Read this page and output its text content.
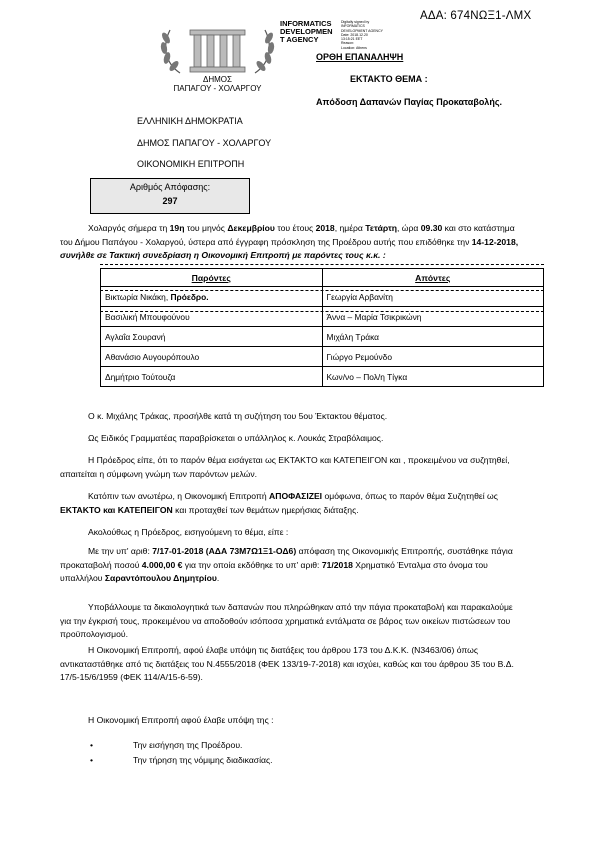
ΑΔΑ: 674ΝΩΞ1-ΛΜΧ
ΔΗΜΟΣ
ΠΑΠΑΓΟΥ - ΧΟΛΑΡΓΟΥ
INFORMATICS
DEVELOPMEN
T AGENCY
Digitally signed by
INFORMATICS
DEVELOPMENT AGENCY
Date: 2018.12.20
13:15:21 EET
Reason:
Location: Athens
ΟΡΘΗ ΕΠΑΝΑΛΗΨΗ
ΕΚΤΑΚΤΟ ΘΕΜΑ :
Απόδοση Δαπανών Παγίας Προκαταβολής.
ΕΛΛΗΝΙΚΗ ΔΗΜΟΚΡΑΤΙΑ
ΔΗΜΟΣ ΠΑΠΑΓΟΥ - ΧΟΛΑΡΓΟΥ
ΟΙΚΟΝΟΜΙΚΗ ΕΠΙΤΡΟΠΗ
Αριθμός Απόφασης:
297
Χολαργός σήμερα τη 19η του μηνός Δεκεμβρίου του έτους 2018, ημέρα Τετάρτη, ώρα 09.30 και στο κατάστημα
του Δήμου Παπάγου - Χολαργού, ύστερα από έγγραφη πρόσκληση της Προέδρου αυτής που επιδόθηκε την 14-12-2018,
συνήλθε σε Τακτική συνεδρίαση η Οικονομική Επιτροπή με παρόντες τους κ.κ. :
Παρόντες	Απόντες
Βικτωρία Νικάκη, Πρόεδρο.	Γεωργία Αρβανίτη
Βασιλική Μπουφούνου	Άννα – Μαρία Τσικρικώνη
Αγλαΐα Σουρανή	Μιχάλη Τράκα
Αθανάσιο Αυγουρόπουλο	Γιώργο Ρεμούνδο
Δημήτριο Τούτουζα	Κων/νο – Πολ/η Τίγκα
Ο κ. Μιχάλης Τράκας, προσήλθε κατά τη συζήτηση του 5ου Έκτακτου θέματος.
Ως Ειδικός Γραμματέας παραβρίσκεται ο υπάλληλος κ. Λουκάς Στραβόλαιμος.
Η Πρόεδρος είπε, ότι το παρόν θέμα εισάγεται ως ΕΚΤΑΚΤΟ και ΚΑΤΕΠΕΙΓΟΝ και , προκειμένου να συζητηθεί,
απαιτείται η σύμφωνη γνώμη των παρόντων μελών.
Κατόπιν των ανωτέρω, η Οικονομική Επιτροπή ΑΠΟΦΑΣΙΖΕΙ ομόφωνα, όπως το παρόν θέμα Συζητηθεί ως
ΕΚΤΑΚΤΟ και ΚΑΤΕΠΕΙΓΟΝ και προταχθεί των θεμάτων ημερήσιας διάταξης.
Ακολούθως η Πρόεδρος, εισηγούμενη το θέμα, είπε :
Με την υπ' αριθ: 7/17-01-2018 (ΑΔΑ 73Μ7Ω1Ξ1-ΟΔ6) απόφαση της Οικονομικής Επιτροπής, συστάθηκε πάγια
προκαταβολή ποσού 4.000,00 € για την οποία εκδόθηκε το υπ' αριθ: 71/2018 Χρηματικό Ένταλμα στο όνομα του
υπαλλήλου Σαραντόπουλου Δημητρίου.
Υποβάλλουμε τα δικαιολογητικά των δαπανών που πληρώθηκαν από την πάγια προκαταβολή και παρακαλούμε
για την έγκρισή τους, προκειμένου να αποδοθούν ισόποσα χρηματικά εντάλματα σε βάρος των οικείων πιστώσεων του
προϋπολογισμού.
Η Οικονομική Επιτροπή, αφού έλαβε υπόψη τις διατάξεις του άρθρου 173 του Δ.Κ.Κ. (Ν3463/06) όπως
αντικαταστάθηκε από τις διατάξεις του Ν.4555/2018 (ΦΕΚ 133/19-7-2018) και ισχύει, καθώς και του άρθρου 35 του Β.Δ.
17/5-15/6/1959 (ΦΕΚ 114/Α/15-6-59).
Η Οικονομική Επιτροπή αφού έλαβε υπόψη της :
•	Την εισήγηση της Προέδρου.
•	Την τήρηση της νόμιμης διαδικασίας.
